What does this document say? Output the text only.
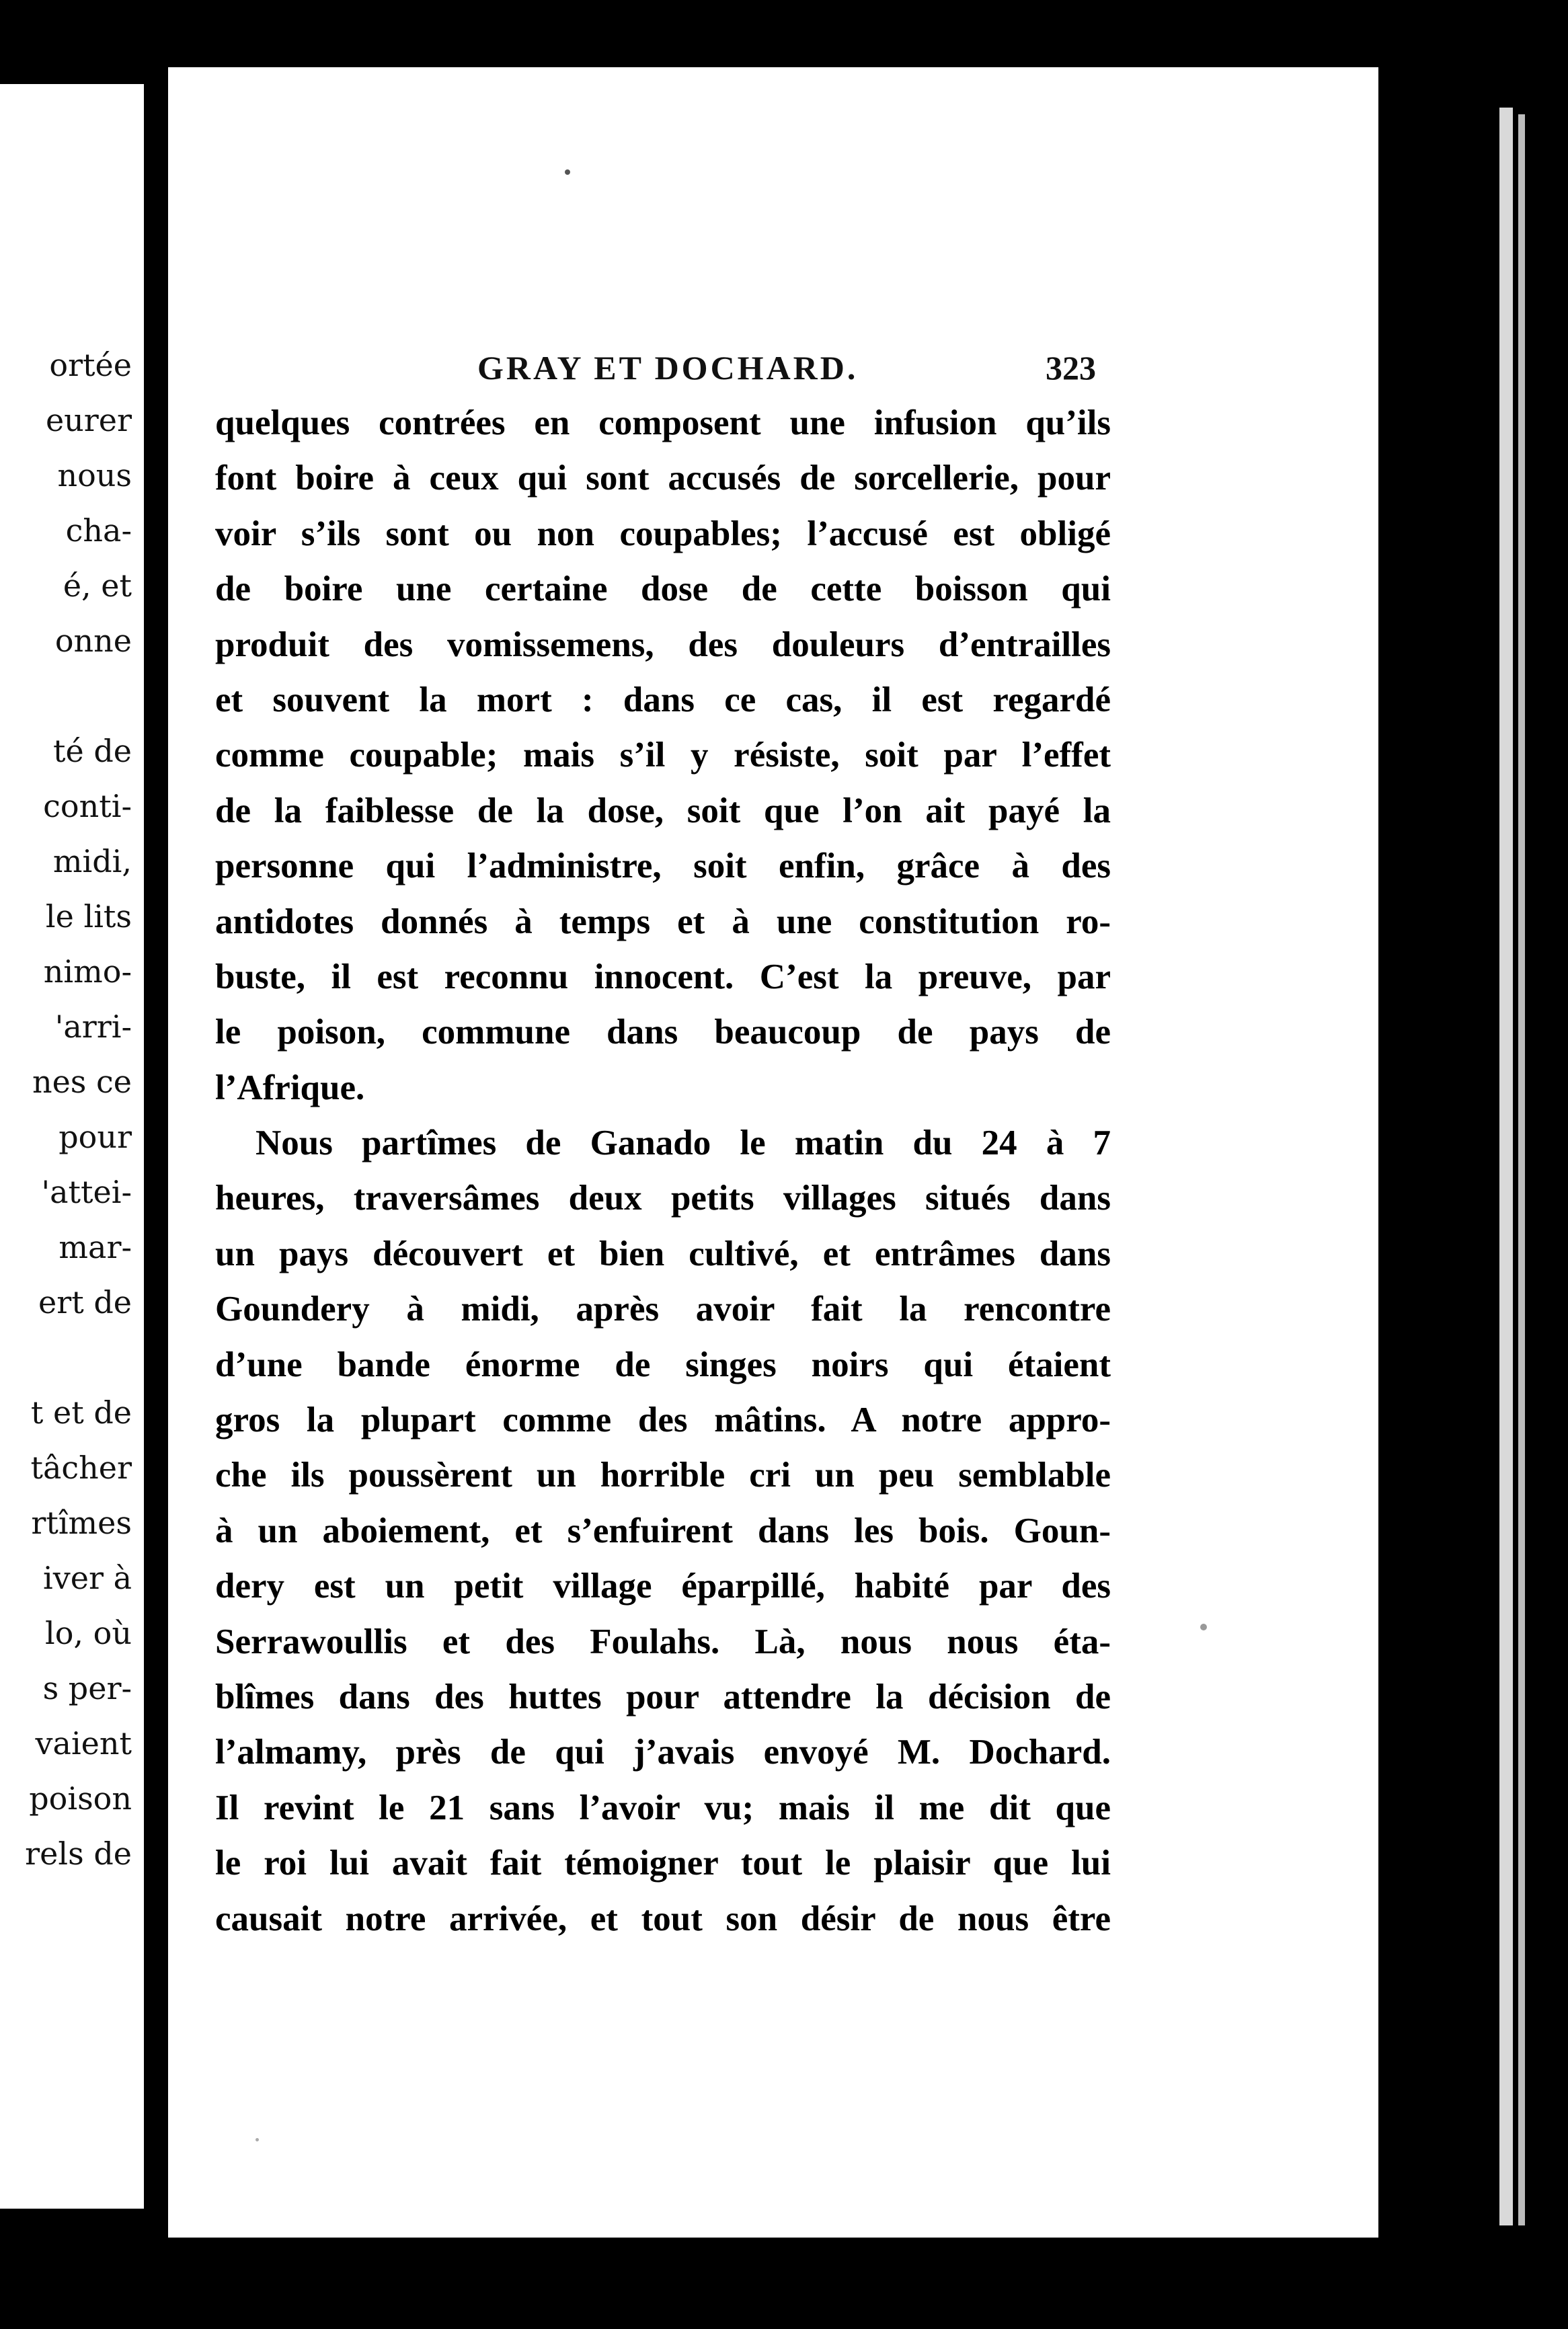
ortée
eurer
nous
cha-
é, et
onne
té de
conti-
midi,
le lits
nimo-
'arri-
nes ce
pour
'attei-
mar-
ert de
t et de
tâcher
rtîmes
iver à
lo, où
s per-
vaient
poison
rels de
GRAY ET DOCHARD.	323
quelques contrées en composent une infusion qu’ils
font boire à ceux qui sont accusés de sorcellerie, pour
voir s’ils sont ou non coupables; l’accusé est obligé
de boire une certaine dose de cette boisson qui
produit des vomissemens, des douleurs d’entrailles
et souvent la mort : dans ce cas, il est regardé
comme coupable; mais s’il y résiste, soit par l’effet
de la faiblesse de la dose, soit que l’on ait payé la
personne qui l’administre, soit enfin, grâce à des
antidotes donnés à temps et à une constitution ro-
buste, il est reconnu innocent. C’est la preuve, par
le poison, commune dans beaucoup de pays de
l’Afrique.
Nous partîmes de Ganado le matin du 24 à 7
heures, traversâmes deux petits villages situés dans
un pays découvert et bien cultivé, et entrâmes dans
Goundery à midi, après avoir fait la rencontre
d’une bande énorme de singes noirs qui étaient
gros la plupart comme des mâtins. A notre appro-
che ils poussèrent un horrible cri un peu semblable
à un aboiement, et s’enfuirent dans les bois. Goun-
dery est un petit village éparpillé, habité par des
Serrawoullis et des Foulahs. Là, nous nous éta-
blîmes dans des huttes pour attendre la décision de
l’almamy, près de qui j’avais envoyé M. Dochard.
Il revint le 21 sans l’avoir vu; mais il me dit que
le roi lui avait fait témoigner tout le plaisir que lui
causait notre arrivée, et tout son désir de nous être
